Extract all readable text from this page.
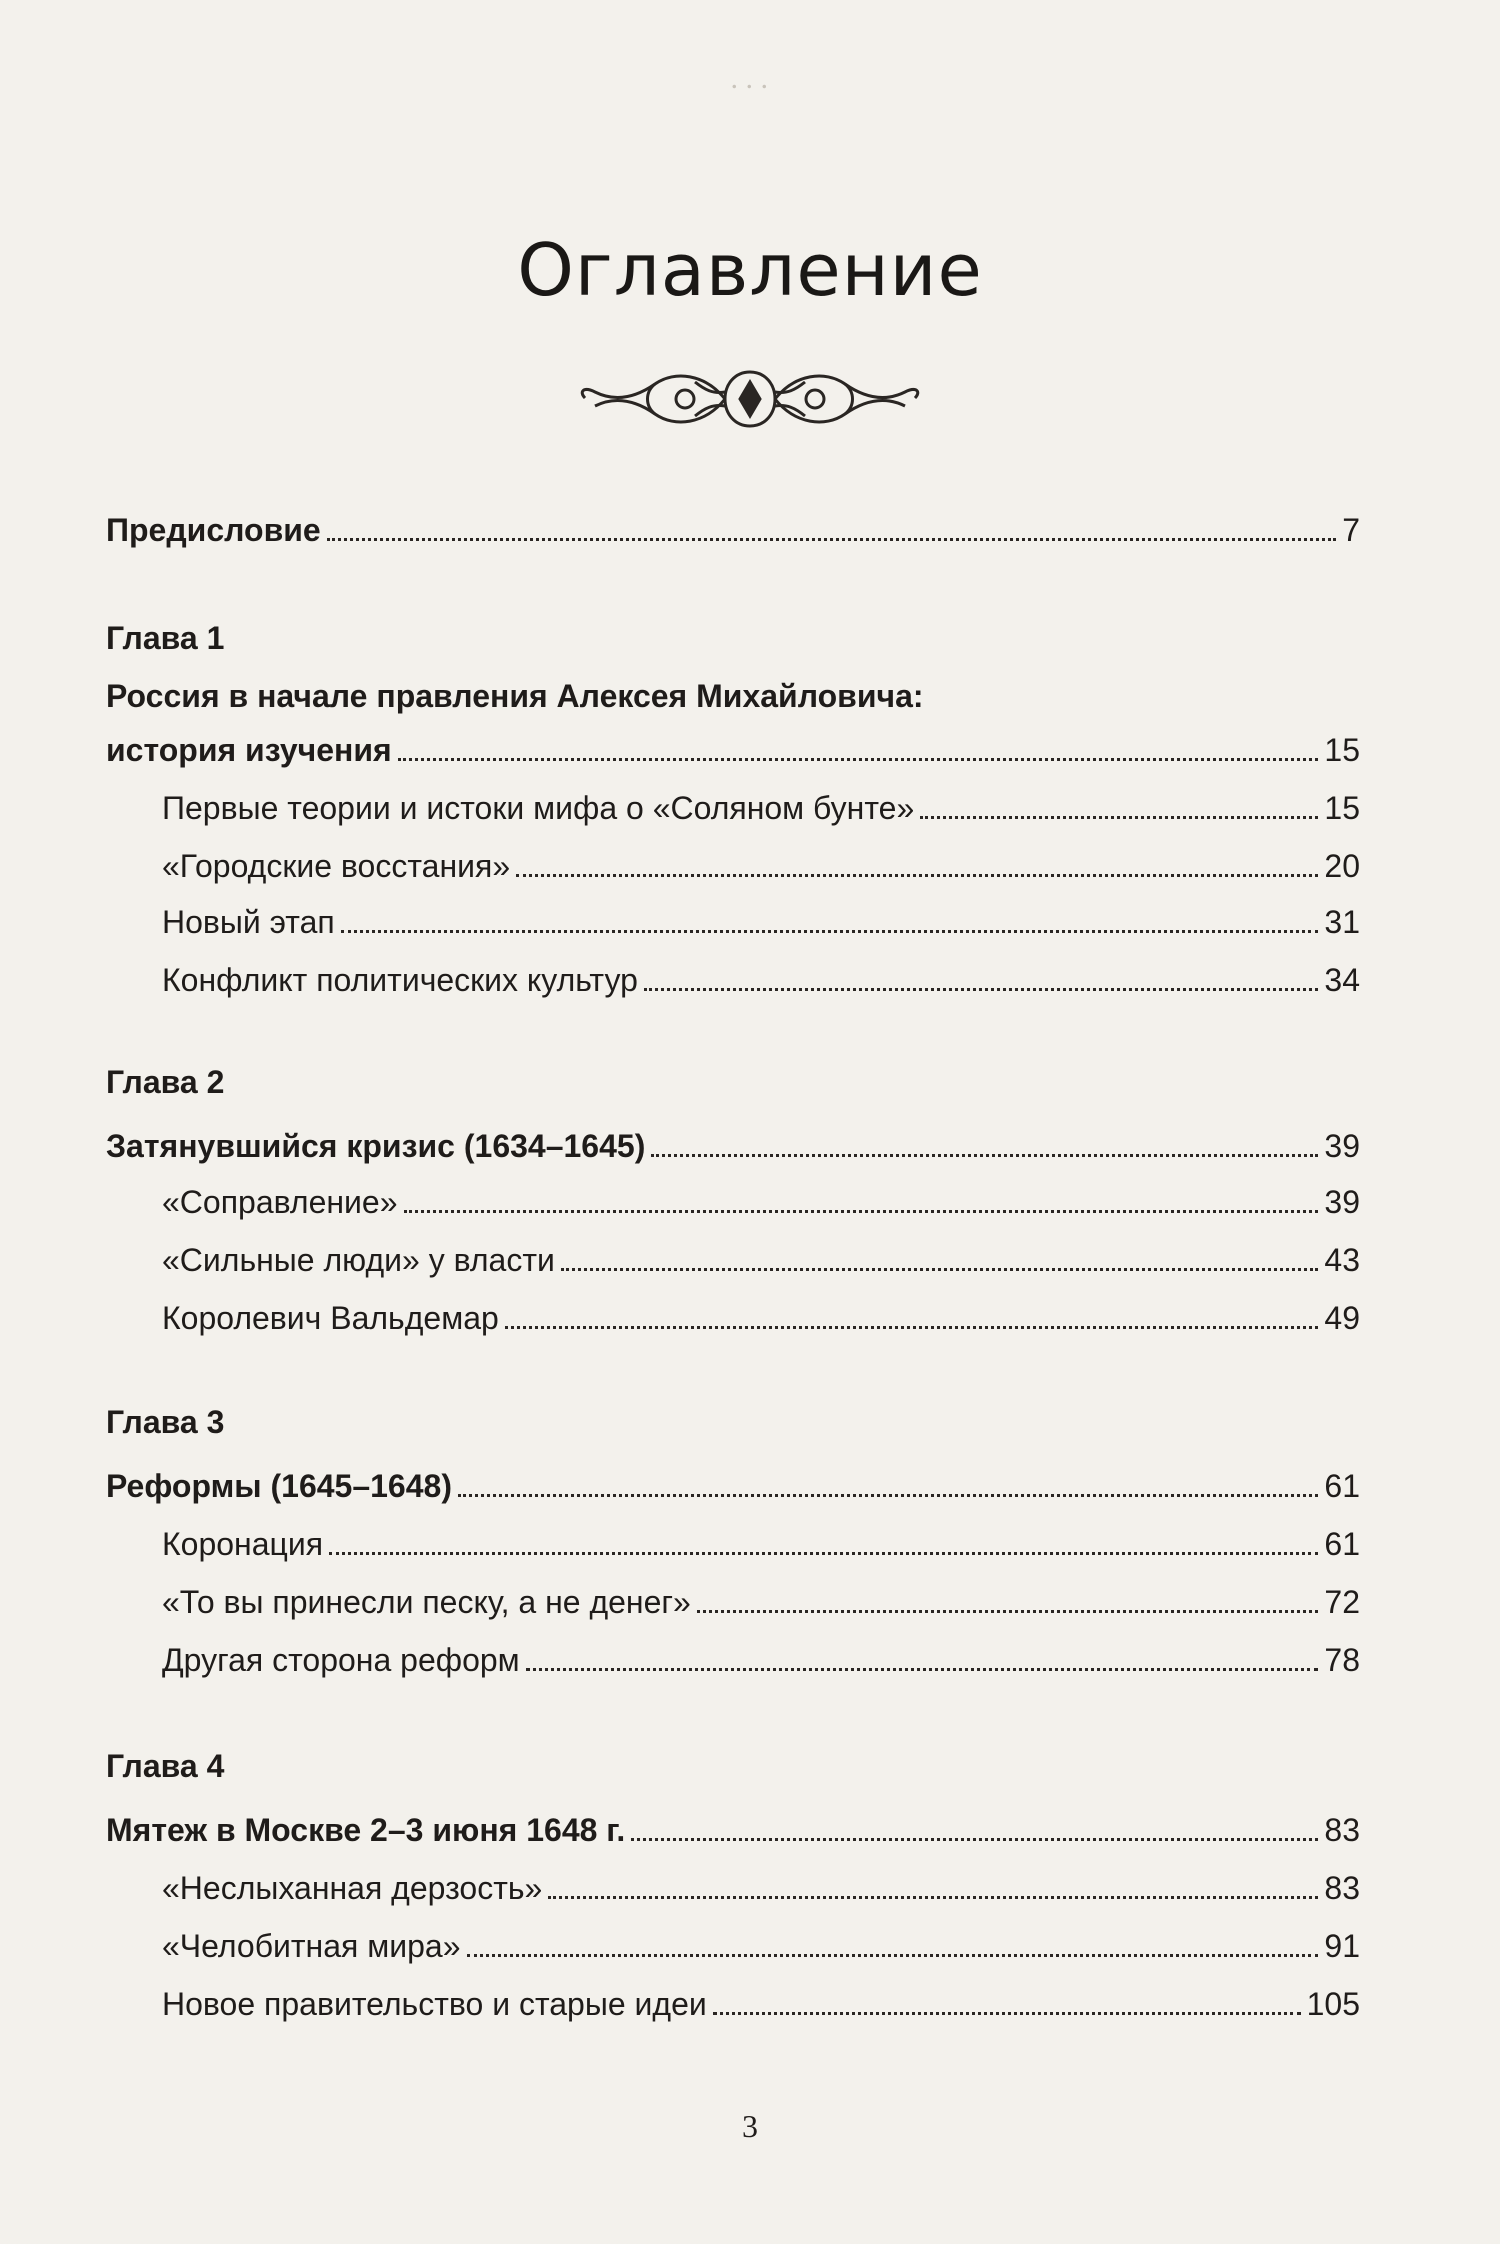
. . .
Оглавление
Предисловие	7
Глава 1
Россия в начале правления Алексея Михайловича:
история изучения	15
Первые теории и истоки мифа о «Соляном бунте»	15
«Городские восстания»	20
Новый этап	31
Конфликт политических культур	34
Глава 2
Затянувшийся кризис (1634–1645)	39
«Соправление»	39
«Сильные люди» у власти	43
Королевич Вальдемар	49
Глава 3
Реформы (1645–1648)	61
Коронация	61
«То вы принесли песку, а не денег»	72
Другая сторона реформ	78
Глава 4
Мятеж в Москве 2–3 июня 1648 г.	83
«Неслыханная дерзость»	83
«Челобитная мира»	91
Новое правительство и старые идеи	105
3
